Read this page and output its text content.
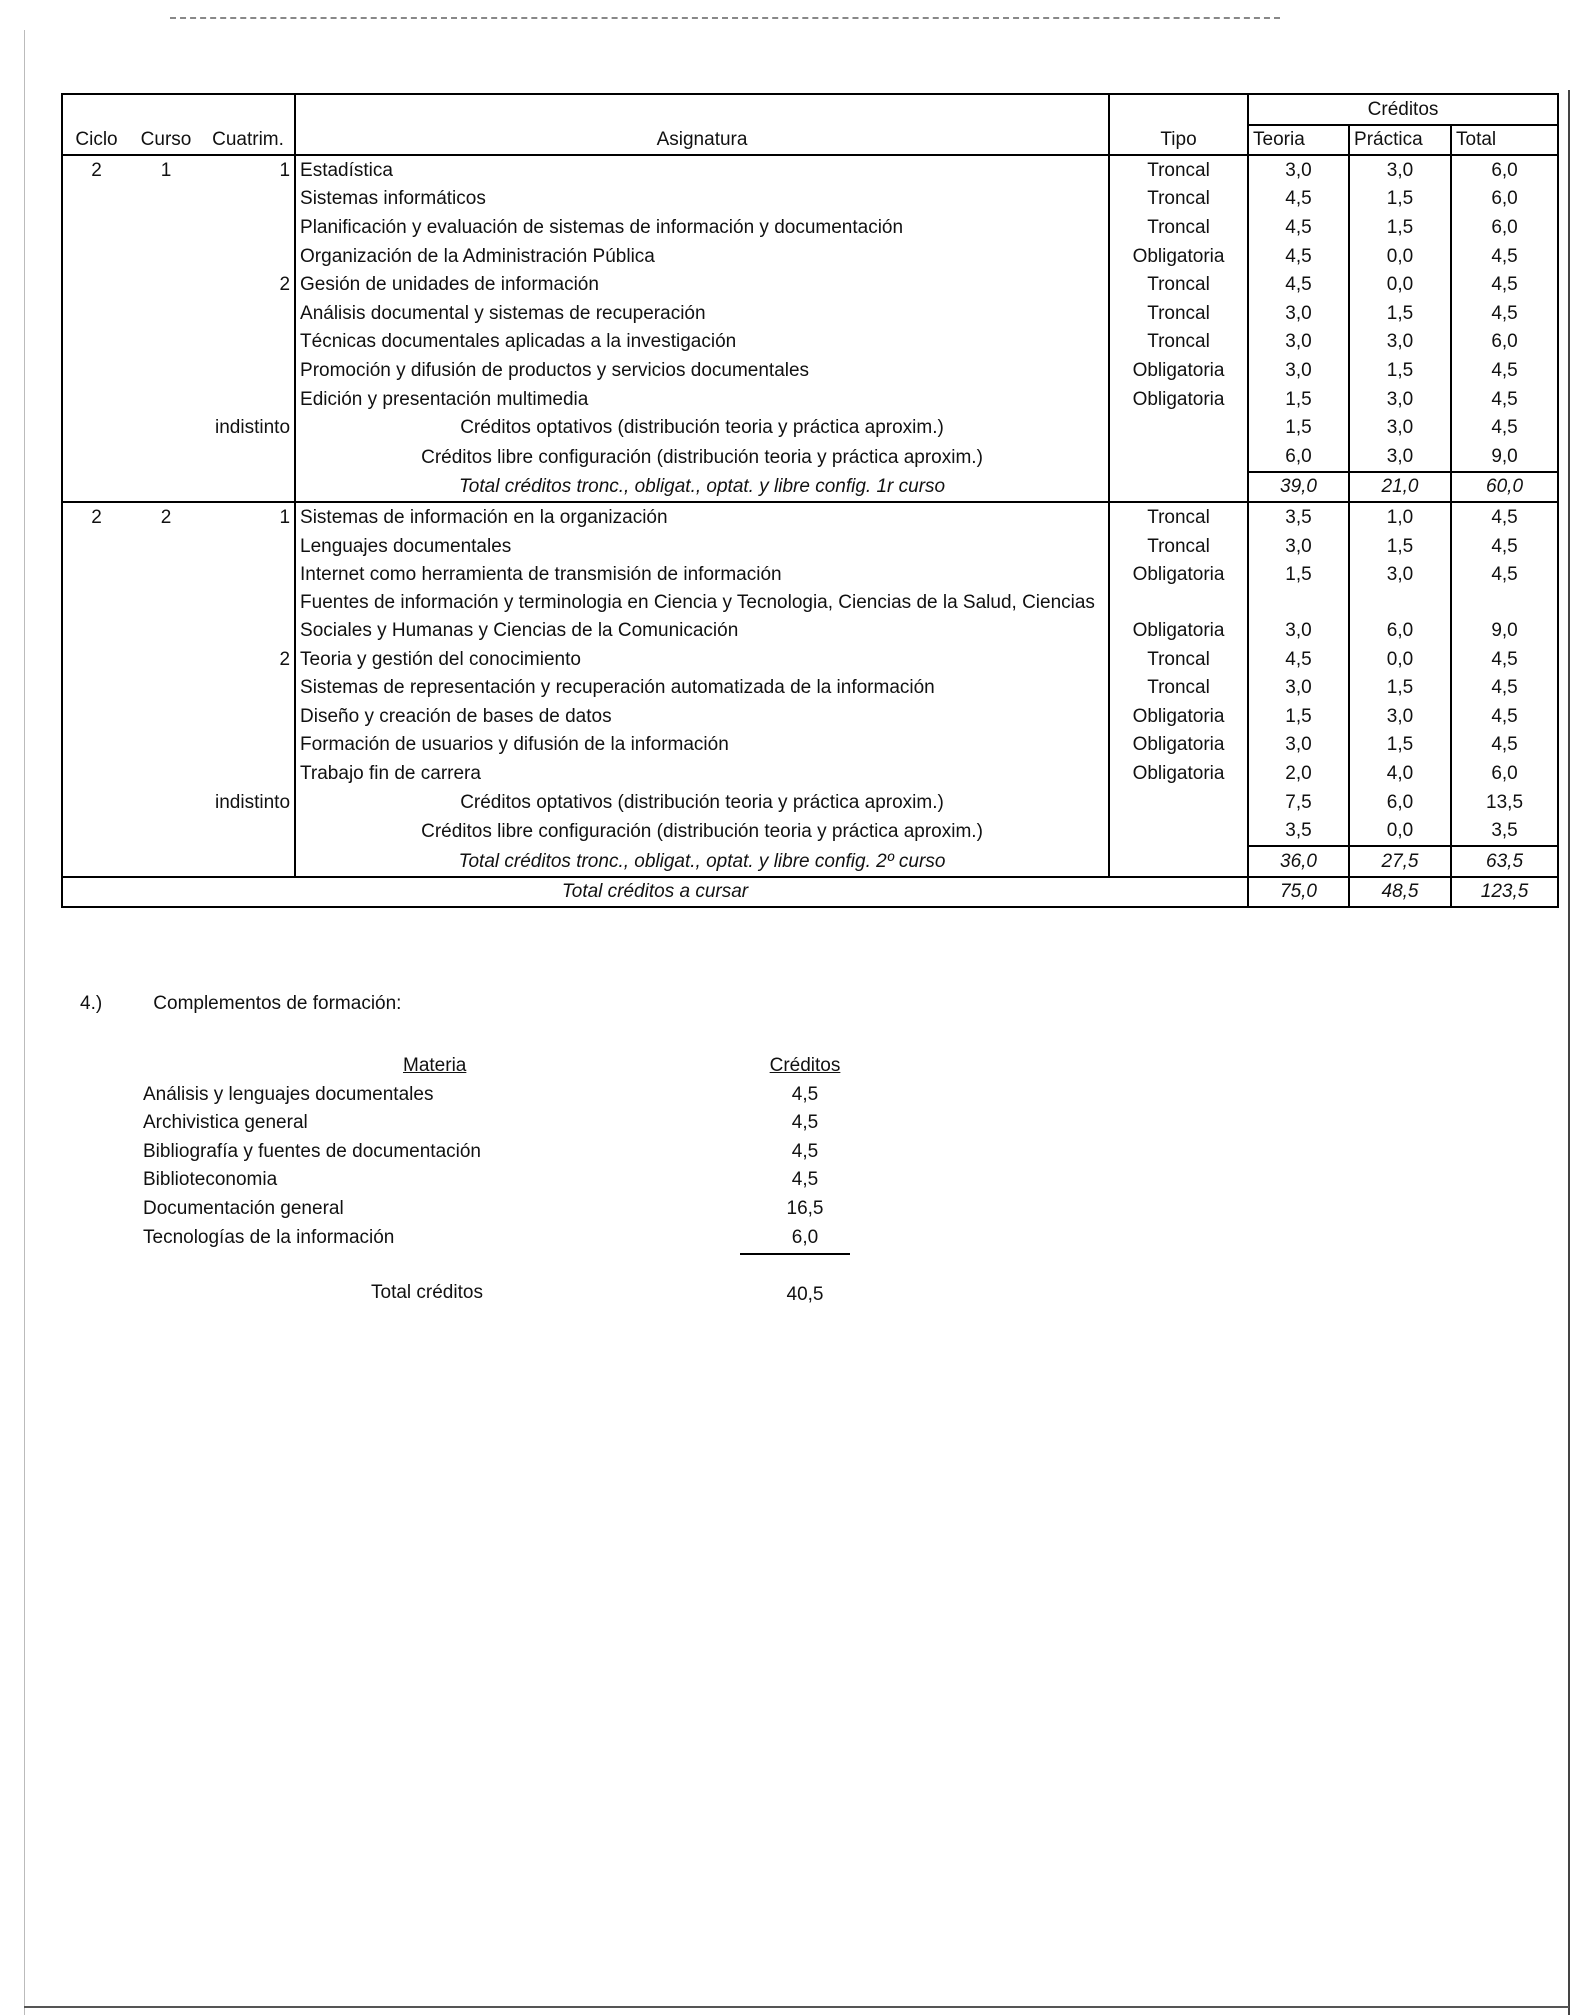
					Créditos		
Ciclo	Curso	Cuatrim.	Asignatura	Tipo	Teoria	Práctica	Total
2	1	1	Estadística	Troncal	3,0	3,0	6,0
			Sistemas informáticos	Troncal	4,5	1,5	6,0
			Planificación y evaluación de sistemas de información y documentación	Troncal	4,5	1,5	6,0
			Organización de la Administración Pública	Obligatoria	4,5	0,0	4,5
		2	Gesión de unidades de información	Troncal	4,5	0,0	4,5
			Análisis documental y sistemas de recuperación	Troncal	3,0	1,5	4,5
			Técnicas documentales aplicadas a la investigación	Troncal	3,0	3,0	6,0
			Promoción y difusión de productos y servicios documentales	Obligatoria	3,0	1,5	4,5
			Edición y presentación multimedia	Obligatoria	1,5	3,0	4,5
		indistinto	Créditos optativos (distribución teoria y práctica aproxim.)		1,5	3,0	4,5
			Créditos libre configuración (distribución teoria y práctica aproxim.)		6,0	3,0	9,0
			Total créditos tronc., obligat., optat. y libre config. 1r curso		39,0	21,0	60,0
2	2	1	Sistemas de información en la organización	Troncal	3,5	1,0	4,5
			Lenguajes documentales	Troncal	3,0	1,5	4,5
			Internet como herramienta de transmisión de información	Obligatoria	1,5	3,0	4,5
			Fuentes de información y terminologia en Ciencia y Tecnologia, Ciencias de la Salud, Ciencias Sociales y Humanas y Ciencias de la Comunicación	Obligatoria	3,0	6,0	9,0
		2	Teoria y gestión del conocimiento	Troncal	4,5	0,0	4,5
			Sistemas de representación y recuperación automatizada de la información	Troncal	3,0	1,5	4,5
			Diseño y creación de bases de datos	Obligatoria	1,5	3,0	4,5
			Formación de usuarios y difusión de la información	Obligatoria	3,0	1,5	4,5
			Trabajo fin de carrera	Obligatoria	2,0	4,0	6,0
		indistinto	Créditos optativos (distribución teoria y práctica aproxim.)		7,5	6,0	13,5
			Créditos libre configuración (distribución teoria y práctica aproxim.)		3,5	0,0	3,5
			Total créditos tronc., obligat., optat. y libre config. 2º curso		36,0	27,5	63,5
Total créditos a cursar					75,0	48,5	123,5
4.)	Complementos de formación:
Materia	Créditos
Análisis y lenguajes documentales	4,5
Archivistica general	4,5
Bibliografía y fuentes de documentación	4,5
Biblioteconomia	4,5
Documentación general	16,5
Tecnologías de la información	6,0
Total créditos	40,5
